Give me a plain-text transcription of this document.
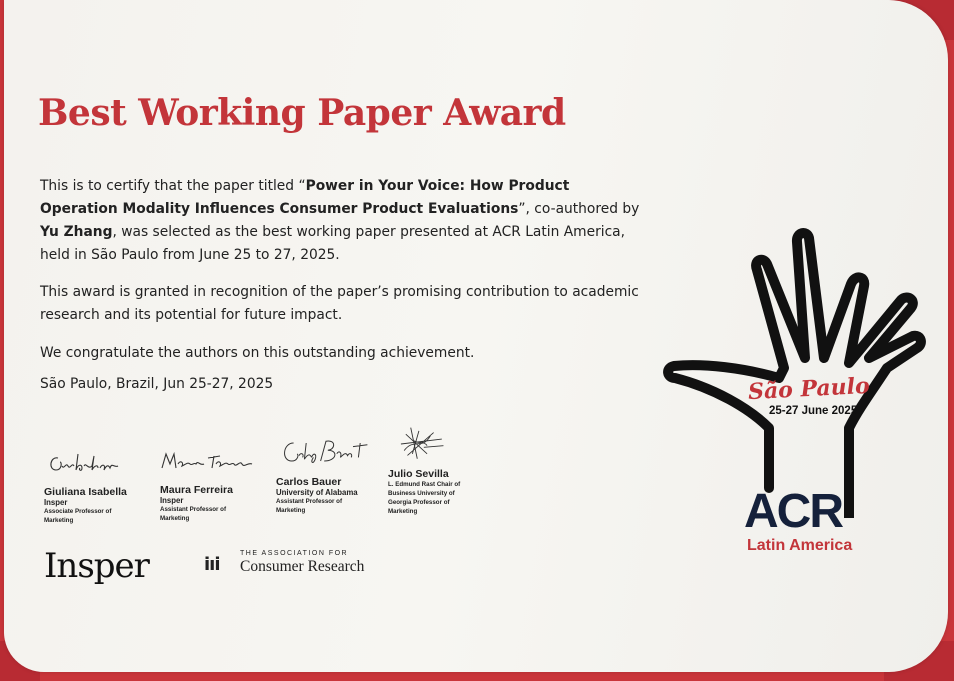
Best Working Paper Award
This is to certify that the paper titled “Power in Your Voice: How Product Operation Modality Influences Consumer Product Evaluations”, co-authored by Yu Zhang, was selected as the best working paper presented at ACR Latin America, held in São Paulo from June 25 to 27, 2025.
This award is granted in recognition of the paper’s promising contribution to academic research and its potential for future impact.
We congratulate the authors on this outstanding achievement.
São Paulo, Brazil, Jun 25-27, 2025
Giuliana Isabella
Insper
Associate Professor of Marketing
Maura Ferreira
Insper
Assistant Professor of Marketing
Carlos Bauer
University of Alabama
Assistant Professor of Marketing
Julio Sevilla
L. Edmund Rast Chair of Business University of Georgia Professor of Marketing
Insper	iıi
THE ASSOCIATION FOR
Consumer Research
São Paulo
25-27 June 2025
ACR
Latin America
